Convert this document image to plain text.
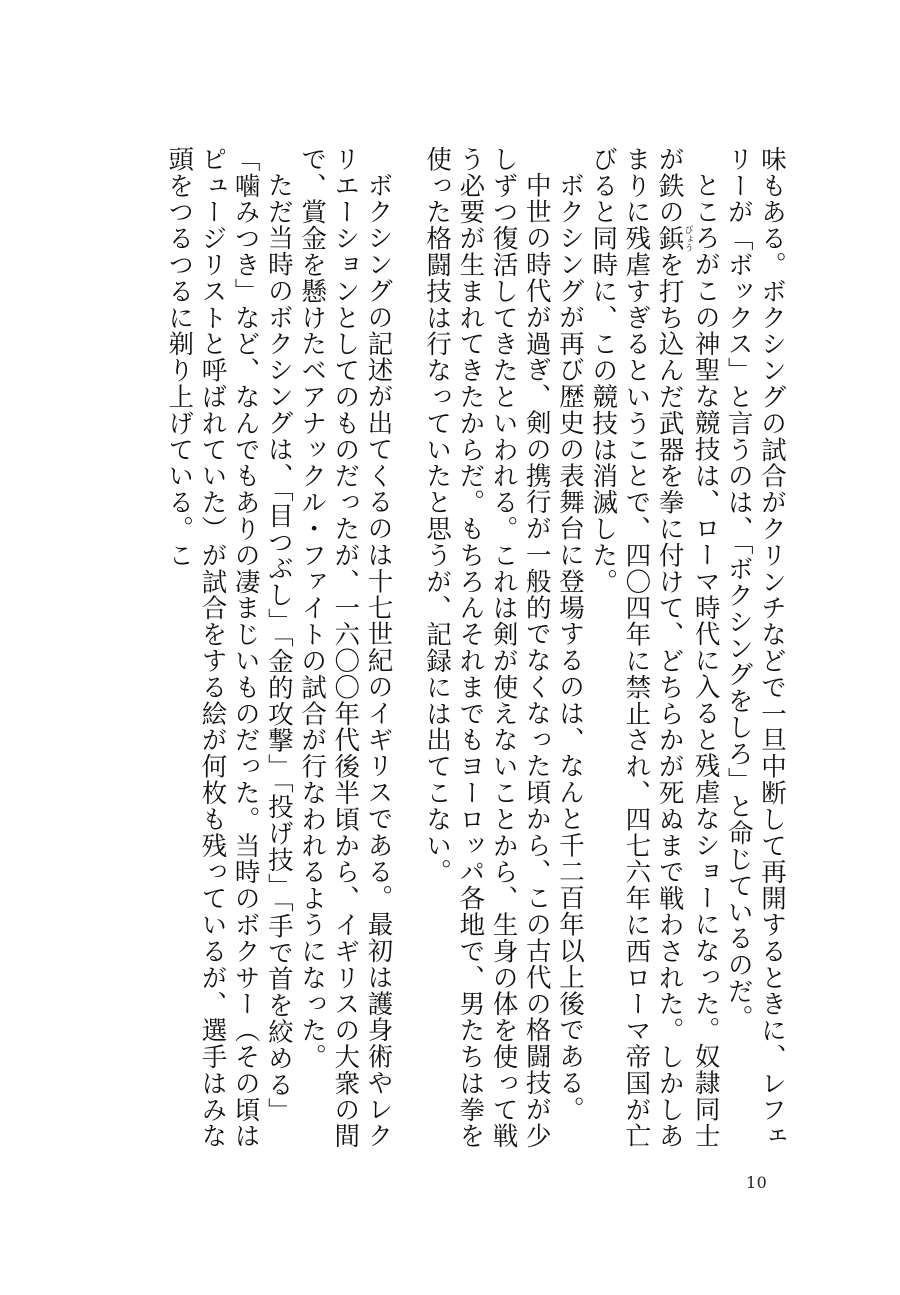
味もある。ボクシングの試合がクリンチなどで一旦中断して再開するときに、レフェリーが「ボックス」と言うのは、「ボクシングをしろ」と命じているのだ。

ところがこの神聖な競技は、ローマ時代に入ると残虐なショーになった。奴隷同士が鉄の鋲びょうを打ち込んだ武器を拳に付けて、どちらかが死ぬまで戦わされた。しかしあまりに残虐すぎるということで、四〇四年に禁止され、四七六年に西ローマ帝国が亡びると同時に、この競技は消滅した。

ボクシングが再び歴史の表舞台に登場するのは、なんと千二百年以上後である。

中世の時代が過ぎ、剣の携行が一般的でなくなった頃から、この古代の格闘技が少しずつ復活してきたといわれる。これは剣が使えないことから、生身の体を使って戦う必要が生まれてきたからだ。もちろんそれまでもヨーロッパ各地で、男たちは拳を使った格闘技は行なっていたと思うが、記録には出てこない。

ボクシングの記述が出てくるのは十七世紀のイギリスである。最初は護身術やレクリエーションとしてのものだったが、一六〇〇年代後半頃から、イギリスの大衆の間で、賞金を懸けたベアナックル・ファイトの試合が行なわれるようになった。

ただ当時のボクシングは、「目つぶし」「金的攻撃」「投げ技」「手で首を絞める」「噛みつき」など、なんでもありの凄まじいものだった。当時のボクサー（その頃はピュージリストと呼ばれていた）が試合をする絵が何枚も残っているが、選手はみな頭をつるつるに剃り上げている。こ

10
